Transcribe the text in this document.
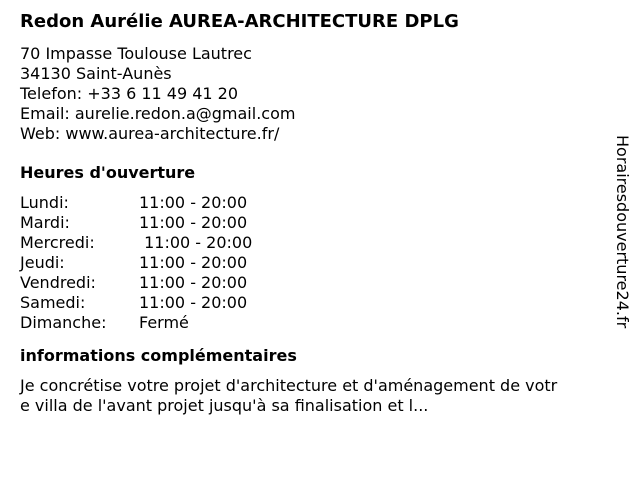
Redon Aurélie AUREA-ARCHITECTURE DPLG
70 Impasse Toulouse Lautrec
34130 Saint-Aunès
Telefon: +33 6 11 49 41 20
Email: aurelie.redon.a@gmail.com
Web: www.aurea-architecture.fr/
Heures d'ouverture
Lundi:	11:00 - 20:00
Mardi:	11:00 - 20:00
Mercredi:	11:00 - 20:00
Jeudi:	11:00 - 20:00
Vendredi:	11:00 - 20:00
Samedi:	11:00 - 20:00
Dimanche:	Fermé
informations complémentaires
Je concrétise votre projet d'architecture et d'aménagement de votre villa de l'avant projet jusqu'à sa finalisation et l...
Horairesdouverture24.fr
